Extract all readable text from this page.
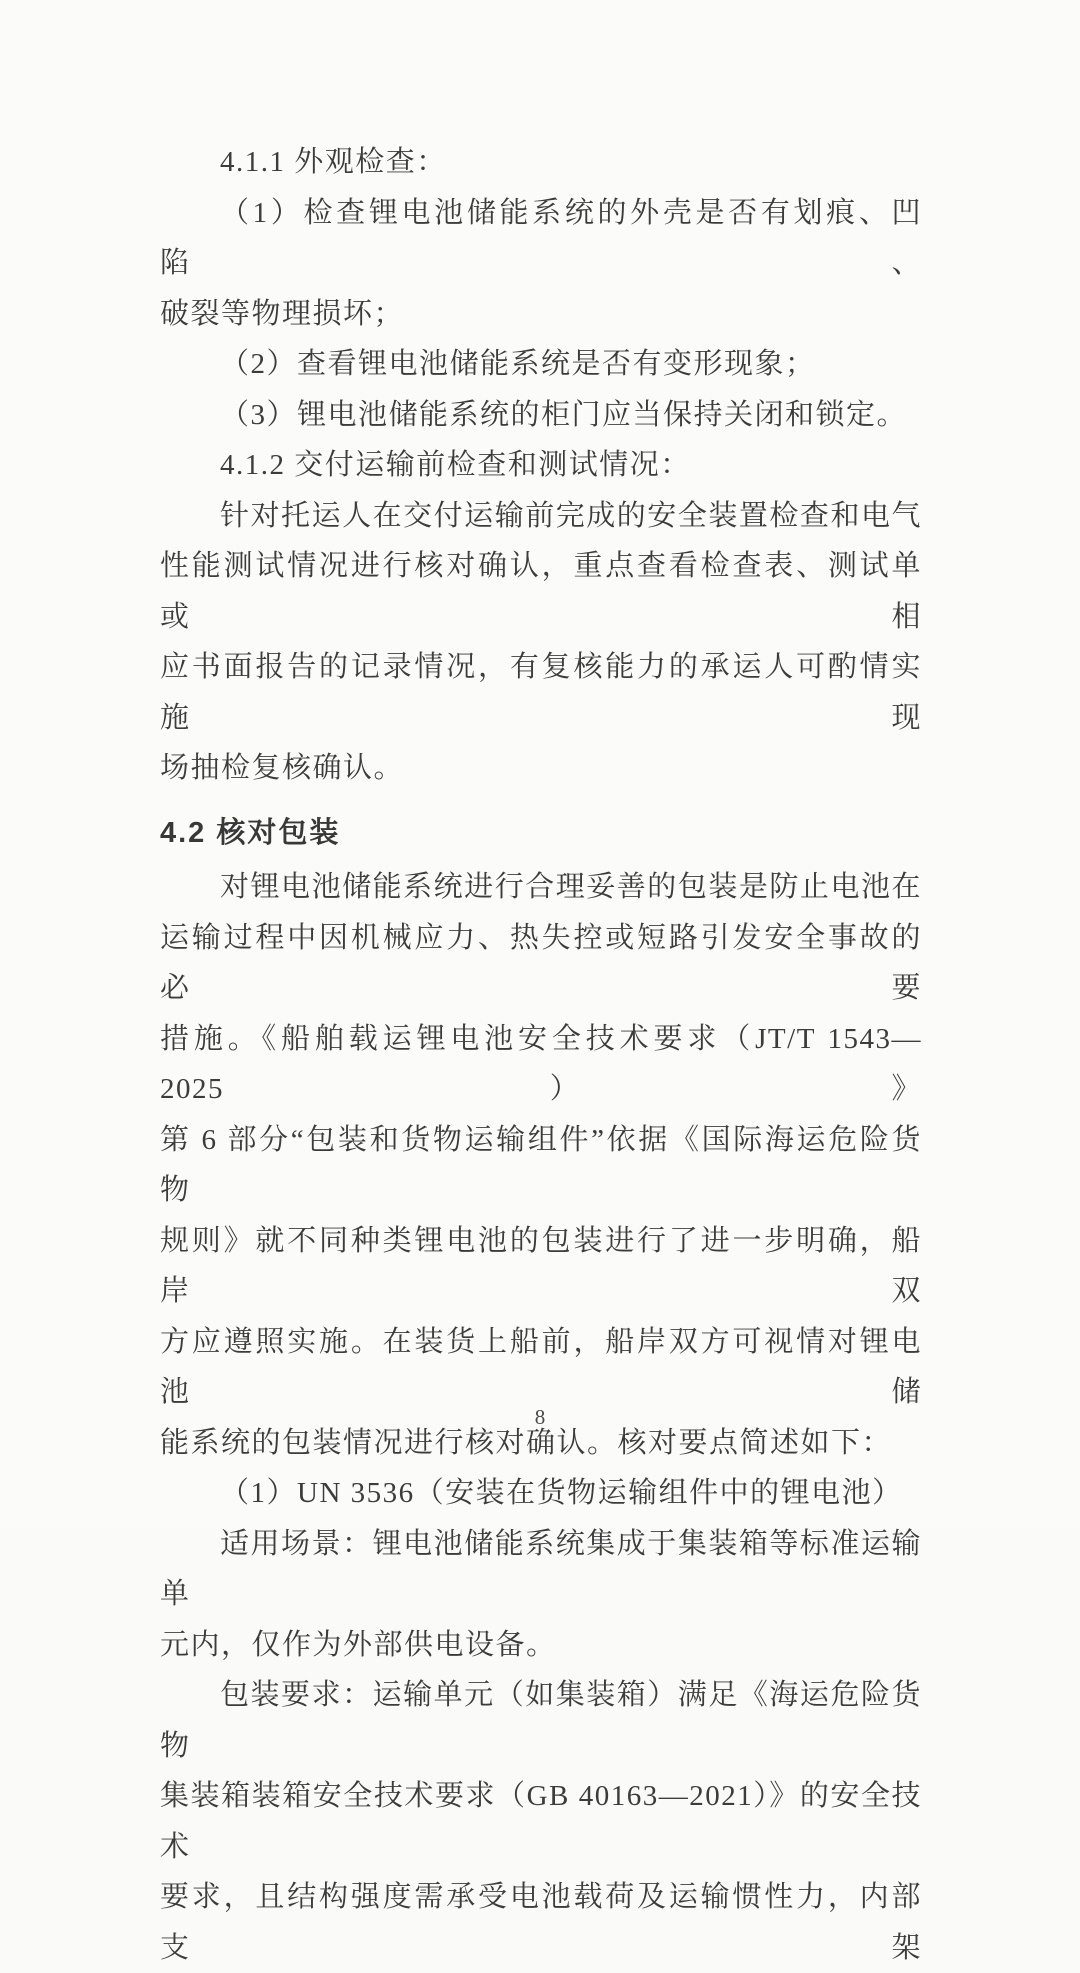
4.1.1 外观检查：
（1）检查锂电池储能系统的外壳是否有划痕、凹陷、
破裂等物理损坏；
（2）查看锂电池储能系统是否有变形现象；
（3）锂电池储能系统的柜门应当保持关闭和锁定。
4.1.2 交付运输前检查和测试情况：
针对托运人在交付运输前完成的安全装置检查和电气
性能测试情况进行核对确认，重点查看检查表、测试单或相
应书面报告的记录情况，有复核能力的承运人可酌情实施现
场抽检复核确认。
4.2 核对包装
对锂电池储能系统进行合理妥善的包装是防止电池在
运输过程中因机械应力、热失控或短路引发安全事故的必要
措施。《船舶载运锂电池安全技术要求（JT/T 1543—2025）》
第 6 部分“包装和货物运输组件”依据《国际海运危险货物
规则》就不同种类锂电池的包装进行了进一步明确，船岸双
方应遵照实施。在装货上船前，船岸双方可视情对锂电池储
能系统的包装情况进行核对确认。核对要点简述如下：
（1）UN 3536（安装在货物运输组件中的锂电池）
适用场景：锂电池储能系统集成于集装箱等标准运输单
元内，仅作为外部供电设备。
包装要求：运输单元（如集装箱）满足《海运危险货物
集装箱装箱安全技术要求（GB 40163—2021）》的安全技术
要求，且结构强度需承受电池载荷及运输惯性力，内部支架
8
